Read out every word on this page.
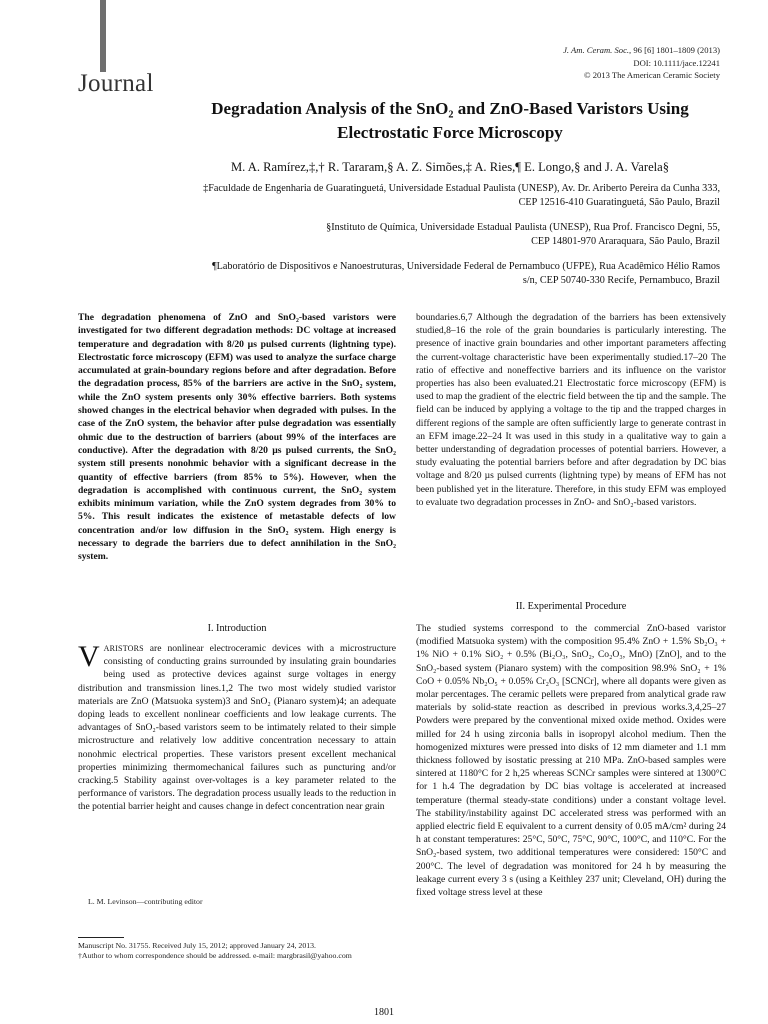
Journal
J. Am. Ceram. Soc., 96 [6] 1801–1809 (2013)
DOI: 10.1111/jace.12241
© 2013 The American Ceramic Society
Degradation Analysis of the SnO₂ and ZnO-Based Varistors Using
Electrostatic Force Microscopy
M. A. Ramírez,‡,† R. Tararam,§ A. Z. Simões,‡ A. Ries,¶ E. Longo,§ and J. A. Varela§
‡Faculdade de Engenharia de Guaratinguetá, Universidade Estadual Paulista (UNESP), Av. Dr. Ariberto Pereira da Cunha 333,
CEP 12516-410 Guaratinguetá, São Paulo, Brazil
§Instituto de Química, Universidade Estadual Paulista (UNESP), Rua Prof. Francisco Degni, 55,
CEP 14801-970 Araraquara, São Paulo, Brazil
¶Laboratório de Dispositivos e Nanoestruturas, Universidade Federal de Pernambuco (UFPE), Rua Acadêmico Hélio Ramos
s/n, CEP 50740-330 Recife, Pernambuco, Brazil
The degradation phenomena of ZnO and SnO₂-based varistors were investigated for two different degradation methods: DC voltage at increased temperature and degradation with 8/20 µs pulsed currents (lightning type). Electrostatic force microscopy (EFM) was used to analyze the surface charge accumulated at grain-boundary regions before and after degradation. Before the degradation process, 85% of the barriers are active in the SnO₂ system, while the ZnO system presents only 30% effective barriers. Both systems showed changes in the electrical behavior when degraded with pulses. In the case of the ZnO system, the behavior after pulse degradation was essentially ohmic due to the destruction of barriers (about 99% of the interfaces are conductive). After the degradation with 8/20 µs pulsed currents, the SnO₂ system still presents nonohmic behavior with a significant decrease in the quantity of effective barriers (from 85% to 5%). However, when the degradation is accomplished with continuous current, the SnO₂ system exhibits minimum variation, while the ZnO system degrades from 30% to 5%. This result indicates the existence of metastable defects of low concentration and/or low diffusion in the SnO₂ system. High energy is necessary to degrade the barriers due to defect annihilation in the SnO₂ system.
I. Introduction
VARISTORS are nonlinear electroceramic devices with a microstructure consisting of conducting grains surrounded by insulating grain boundaries being used as protective devices against surge voltages in energy distribution and transmission lines.1,2 The two most widely studied varistor materials are ZnO (Matsuoka system)3 and SnO₂ (Pianaro system)4; an adequate doping leads to excellent nonlinear coefficients and low leakage currents. The advantages of SnO₂-based varistors seem to be intimately related to their simple microstructure and relatively low additive concentration necessary to attain nonohmic electrical properties. These varistors present excellent mechanical properties minimizing thermomechanical failures such as puncturing and/or cracking.5 Stability against over-voltages is a key parameter related to the performance of varistors. The degradation process usually leads to the reduction in the potential barrier height and causes change in defect concentration near grain
boundaries.6,7 Although the degradation of the barriers has been extensively studied,8–16 the role of the grain boundaries is particularly interesting. The presence of inactive grain boundaries and other important parameters affecting the current-voltage characteristic have been experimentally studied.17–20 The ratio of effective and noneffective barriers and its influence on the varistor properties has also been evaluated.21 Electrostatic force microscopy (EFM) is used to map the gradient of the electric field between the tip and the sample. The field can be induced by applying a voltage to the tip and the trapped charges in different regions of the sample are often sufficiently large to generate contrast in an EFM image.22–24 It was used in this study in a qualitative way to gain a better understanding of degradation processes of potential barriers. However, a study evaluating the potential barriers before and after degradation by DC bias voltage and 8/20 µs pulsed currents (lightning type) by means of EFM has not been published yet in the literature. Therefore, in this study EFM was employed to evaluate two degradation processes in ZnO- and SnO₂-based varistors.
II. Experimental Procedure
The studied systems correspond to the commercial ZnO-based varistor (modified Matsuoka system) with the composition 95.4% ZnO + 1.5% Sb₂O₃ + 1% NiO + 0.1% SiO₂ + 0.5% (Bi₂O₃, SnO₂, Co₂O₃, MnO) [ZnO], and to the SnO₂-based system (Pianaro system) with the composition 98.9% SnO₂ + 1% CoO + 0.05% Nb₂O₅ + 0.05% Cr₂O₃ [SCNCr], where all dopants were given as molar percentages. The ceramic pellets were prepared from analytical grade raw materials by solid-state reaction as described in previous works.3,4,25–27 Powders were prepared by the conventional mixed oxide method. Oxides were milled for 24 h using zirconia balls in isopropyl alcohol medium. Then the homogenized mixtures were pressed into disks of 12 mm diameter and 1.1 mm thickness followed by isostatic pressing at 210 MPa. ZnO-based samples were sintered at 1180°C for 2 h,25 whereas SCNCr samples were sintered at 1300°C for 1 h.4 The degradation by DC bias voltage is accelerated at increased temperature (thermal steady-state conditions) under a constant voltage level. The stability/instability against DC accelerated stress was performed with an applied electric field E equivalent to a current density of 0.05 mA/cm² during 24 h at constant temperatures: 25°C, 50°C, 75°C, 90°C, 100°C, and 110°C. For the SnO₂-based system, two additional temperatures were considered: 150°C and 200°C. The level of degradation was monitored for 24 h by measuring the leakage current every 3 s (using a Keithley 237 unit; Cleveland, OH) during the fixed voltage stress level at these
L. M. Levinson—contributing editor
Manuscript No. 31755. Received July 15, 2012; approved January 24, 2013.
†Author to whom correspondence should be addressed. e-mail: margbrasil@yahoo.com
1801
